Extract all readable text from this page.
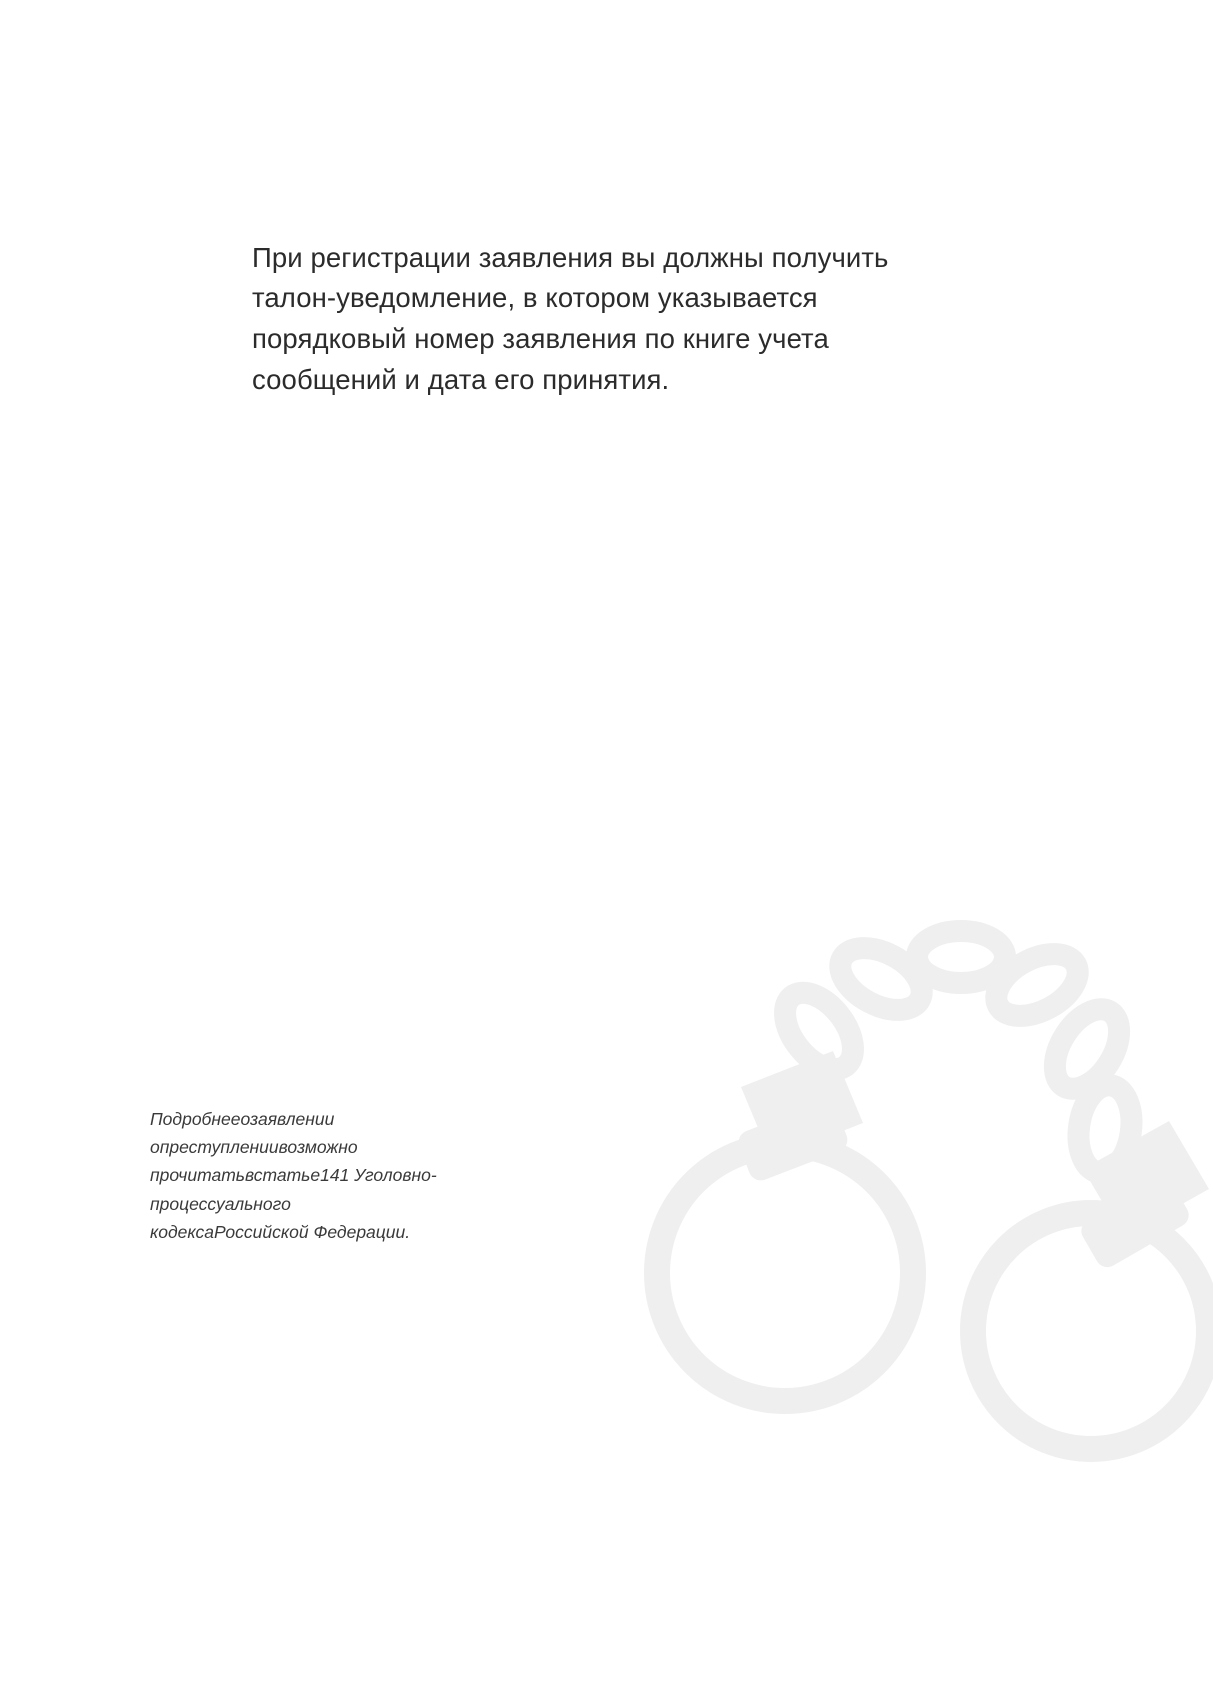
При регистрации заявления вы должны получить талон-уведомление, в котором указывается порядковый номер заявления по книге учета сообщений и дата его принятия.

Подробнееозаявлении опреступлениивозможно прочитатьвстатье141 Уголовно-процессуального кодексаРоссийской Федерации.
